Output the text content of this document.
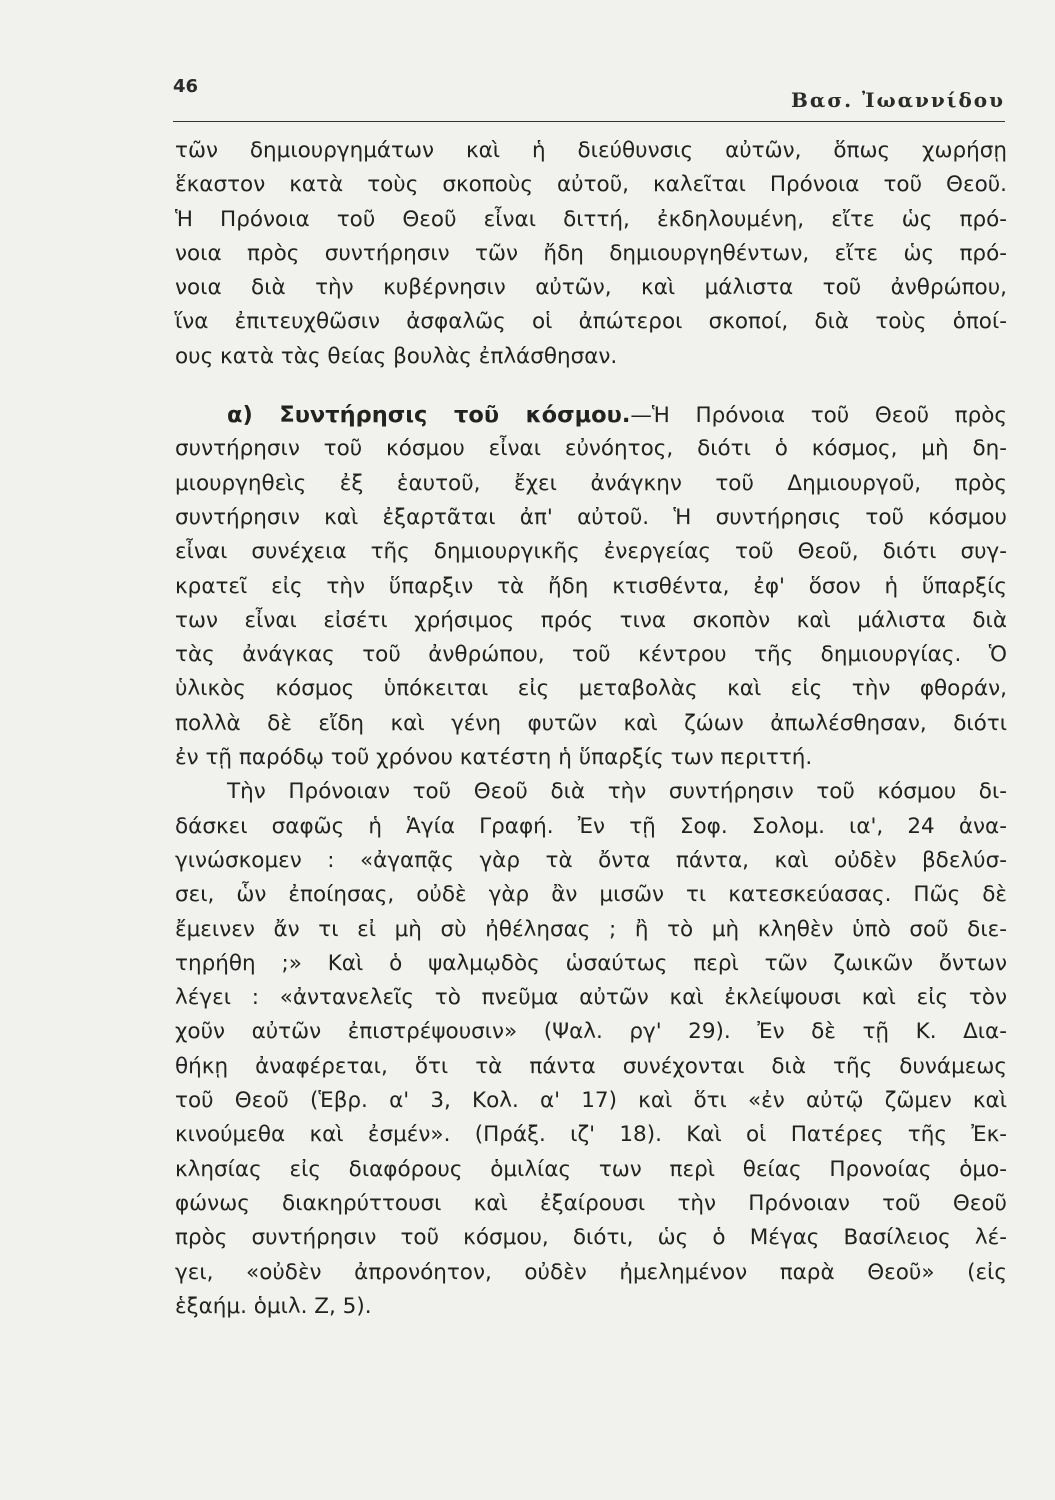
46
Βασ. Ἰωαννίδου
τῶν δημιουργημάτων καὶ ἡ διεύθυνσις αὐτῶν, ὅπως χωρήσῃ
ἕκαστον κατὰ τοὺς σκοποὺς αὐτοῦ, καλεῖται Πρόνοια τοῦ Θεοῦ.
Ἡ Πρόνοια τοῦ Θεοῦ εἶναι διττή, ἐκδηλουμένη, εἴτε ὡς πρό-
νοια πρὸς συντήρησιν τῶν ἤδη δημιουργηθέντων, εἴτε ὡς πρό-
νοια διὰ τὴν κυβέρνησιν αὐτῶν, καὶ μάλιστα τοῦ ἀνθρώπου,
ἵνα ἐπιτευχθῶσιν ἀσφαλῶς οἱ ἀπώτεροι σκοποί, διὰ τοὺς ὁποί-
ους κατὰ τὰς θείας βουλὰς ἐπλάσθησαν.
α) Συντήρησις τοῦ κόσμου.—Ἡ Πρόνοια τοῦ Θεοῦ πρὸς
συντήρησιν τοῦ κόσμου εἶναι εὐνόητος, διότι ὁ κόσμος, μὴ δη-
μιουργηθεὶς ἐξ ἑαυτοῦ, ἔχει ἀνάγκην τοῦ Δημιουργοῦ, πρὸς
συντήρησιν καὶ ἐξαρτᾶται ἀπ' αὐτοῦ. Ἡ συντήρησις τοῦ κόσμου
εἶναι συνέχεια τῆς δημιουργικῆς ἐνεργείας τοῦ Θεοῦ, διότι συγ-
κρατεῖ εἰς τὴν ὕπαρξιν τὰ ἤδη κτισθέντα, ἐφ' ὅσον ἡ ὕπαρξίς
των εἶναι εἰσέτι χρήσιμος πρός τινα σκοπὸν καὶ μάλιστα διὰ
τὰς ἀνάγκας τοῦ ἀνθρώπου, τοῦ κέντρου τῆς δημιουργίας. Ὁ
ὑλικὸς κόσμος ὑπόκειται εἰς μεταβολὰς καὶ εἰς τὴν φθοράν,
πολλὰ δὲ εἴδη καὶ γένη φυτῶν καὶ ζώων ἀπωλέσθησαν, διότι
ἐν τῇ παρόδῳ τοῦ χρόνου κατέστη ἡ ὕπαρξίς των περιττή.
Τὴν Πρόνοιαν τοῦ Θεοῦ διὰ τὴν συντήρησιν τοῦ κόσμου δι-
δάσκει σαφῶς ἡ Ἁγία Γραφή. Ἐν τῇ Σοφ. Σολομ. ια', 24 ἀνα-
γινώσκομεν : «ἀγαπᾷς γὰρ τὰ ὄντα πάντα, καὶ οὐδὲν βδελύσ-
σει, ὧν ἐποίησας, οὐδὲ γὰρ ἂν μισῶν τι κατεσκεύασας. Πῶς δὲ
ἔμεινεν ἄν τι εἰ μὴ σὺ ἠθέλησας ; ἢ τὸ μὴ κληθὲν ὑπὸ σοῦ διε-
τηρήθη ;» Καὶ ὁ ψαλμῳδὸς ὡσαύτως περὶ τῶν ζωικῶν ὄντων
λέγει : «ἀντανελεῖς τὸ πνεῦμα αὐτῶν καὶ ἐκλείψουσι καὶ εἰς τὸν
χοῦν αὐτῶν ἐπιστρέψουσιν» (Ψαλ. ργ' 29). Ἐν δὲ τῇ Κ. Δια-
θήκῃ ἀναφέρεται, ὅτι τὰ πάντα συνέχονται διὰ τῆς δυνάμεως
τοῦ Θεοῦ (Ἑβρ. α' 3, Κολ. α' 17) καὶ ὅτι «ἐν αὐτῷ ζῶμεν καὶ
κινούμεθα καὶ ἐσμέν». (Πράξ. ιζ' 18). Καὶ οἱ Πατέρες τῆς Ἐκ-
κλησίας εἰς διαφόρους ὁμιλίας των περὶ θείας Προνοίας ὁμο-
φώνως διακηρύττουσι καὶ ἐξαίρουσι τὴν Πρόνοιαν τοῦ Θεοῦ
πρὸς συντήρησιν τοῦ κόσμου, διότι, ὡς ὁ Μέγας Βασίλειος λέ-
γει, «οὐδὲν ἀπρονόητον, οὐδὲν ἠμελημένον παρὰ Θεοῦ» (εἰς
ἑξαήμ. ὁμιλ. Ζ, 5).
